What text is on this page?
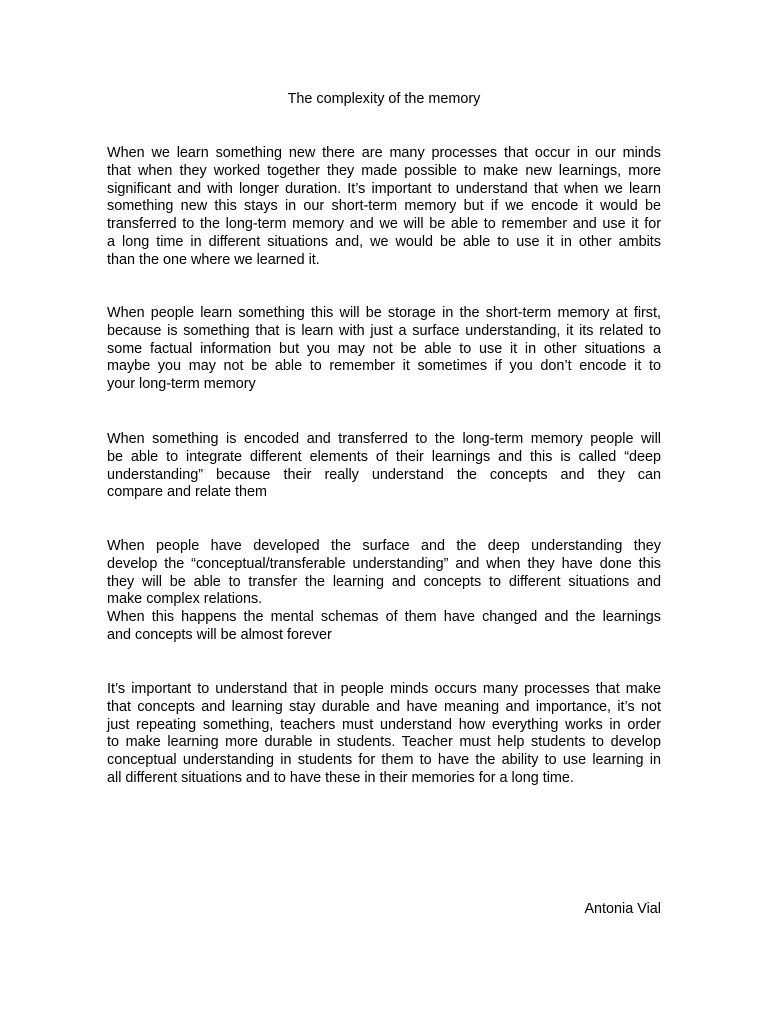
The complexity of the memory
When we learn something new there are many processes that occur in our minds
that when they worked together they made possible to make new learnings, more
significant and with longer duration. It’s important to understand that when we learn
something new this stays in our short-term memory but if we encode it would be
transferred to the long-term memory and we will be able to remember and use it for
a long time in different situations and, we would be able to use it in other ambits
than the one where we learned it.
When people learn something this will be storage in the short-term memory at first,
because is something that is learn with just a surface understanding, it its related to
some factual information but you may not be able to use it in other situations a
maybe you may not be able to remember it sometimes if you don’t encode it to
your long-term memory
When something is encoded and transferred to the long-term memory people will
be able to integrate different elements of their learnings and this is called “deep
understanding” because their really understand the concepts and they can
compare and relate them
When people have developed the surface and the deep understanding they
develop the “conceptual/transferable understanding” and when they have done this
they will be able to transfer the learning and concepts to different situations and
make complex relations.
When this happens the mental schemas of them have changed and the learnings
and concepts will be almost forever
It’s important to understand that in people minds occurs many processes that make
that concepts and learning stay durable and have meaning and importance, it’s not
just repeating something, teachers must understand how everything works in order
to make learning more durable in students. Teacher must help students to develop
conceptual understanding in students for them to have the ability to use learning in
all different situations and to have these in their memories for a long time.
Antonia Vial
